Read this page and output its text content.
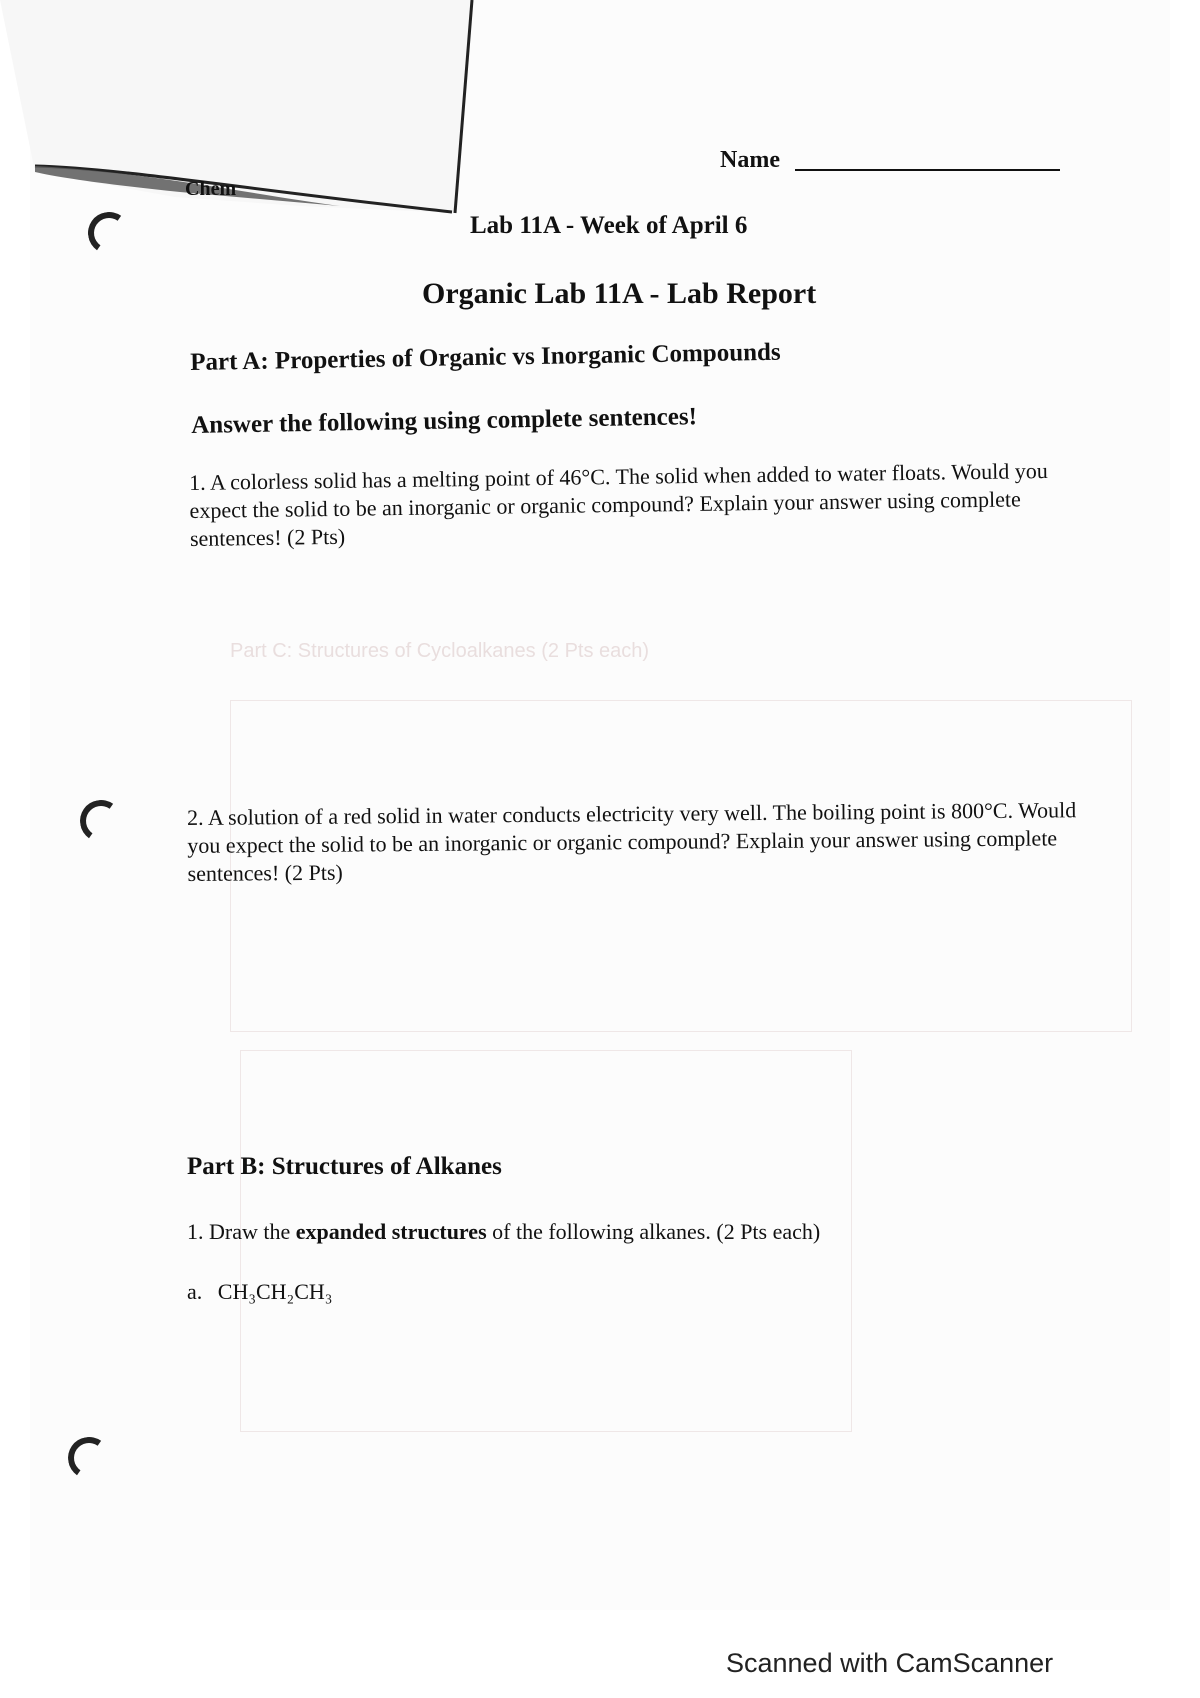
Part C: Structures of Cycloalkanes (2 Pts each)
Chem
Name
Lab 11A - Week of April 6
Organic Lab 11A - Lab Report
Part A: Properties of Organic vs Inorganic Compounds
Answer the following using complete sentences!
1. A colorless solid has a melting point of 46°C. The solid when added to water floats. Would you expect the solid to be an inorganic or organic compound? Explain your answer using complete sentences! (2 Pts)
2. A solution of a red solid in water conducts electricity very well. The boiling point is 800°C. Would you expect the solid to be an inorganic or organic compound? Explain your answer using complete sentences! (2 Pts)
Part B: Structures of Alkanes
1. Draw the expanded structures of the following alkanes. (2 Pts each)
a. CH₃CH₂CH₃
Scanned with CamScanner
